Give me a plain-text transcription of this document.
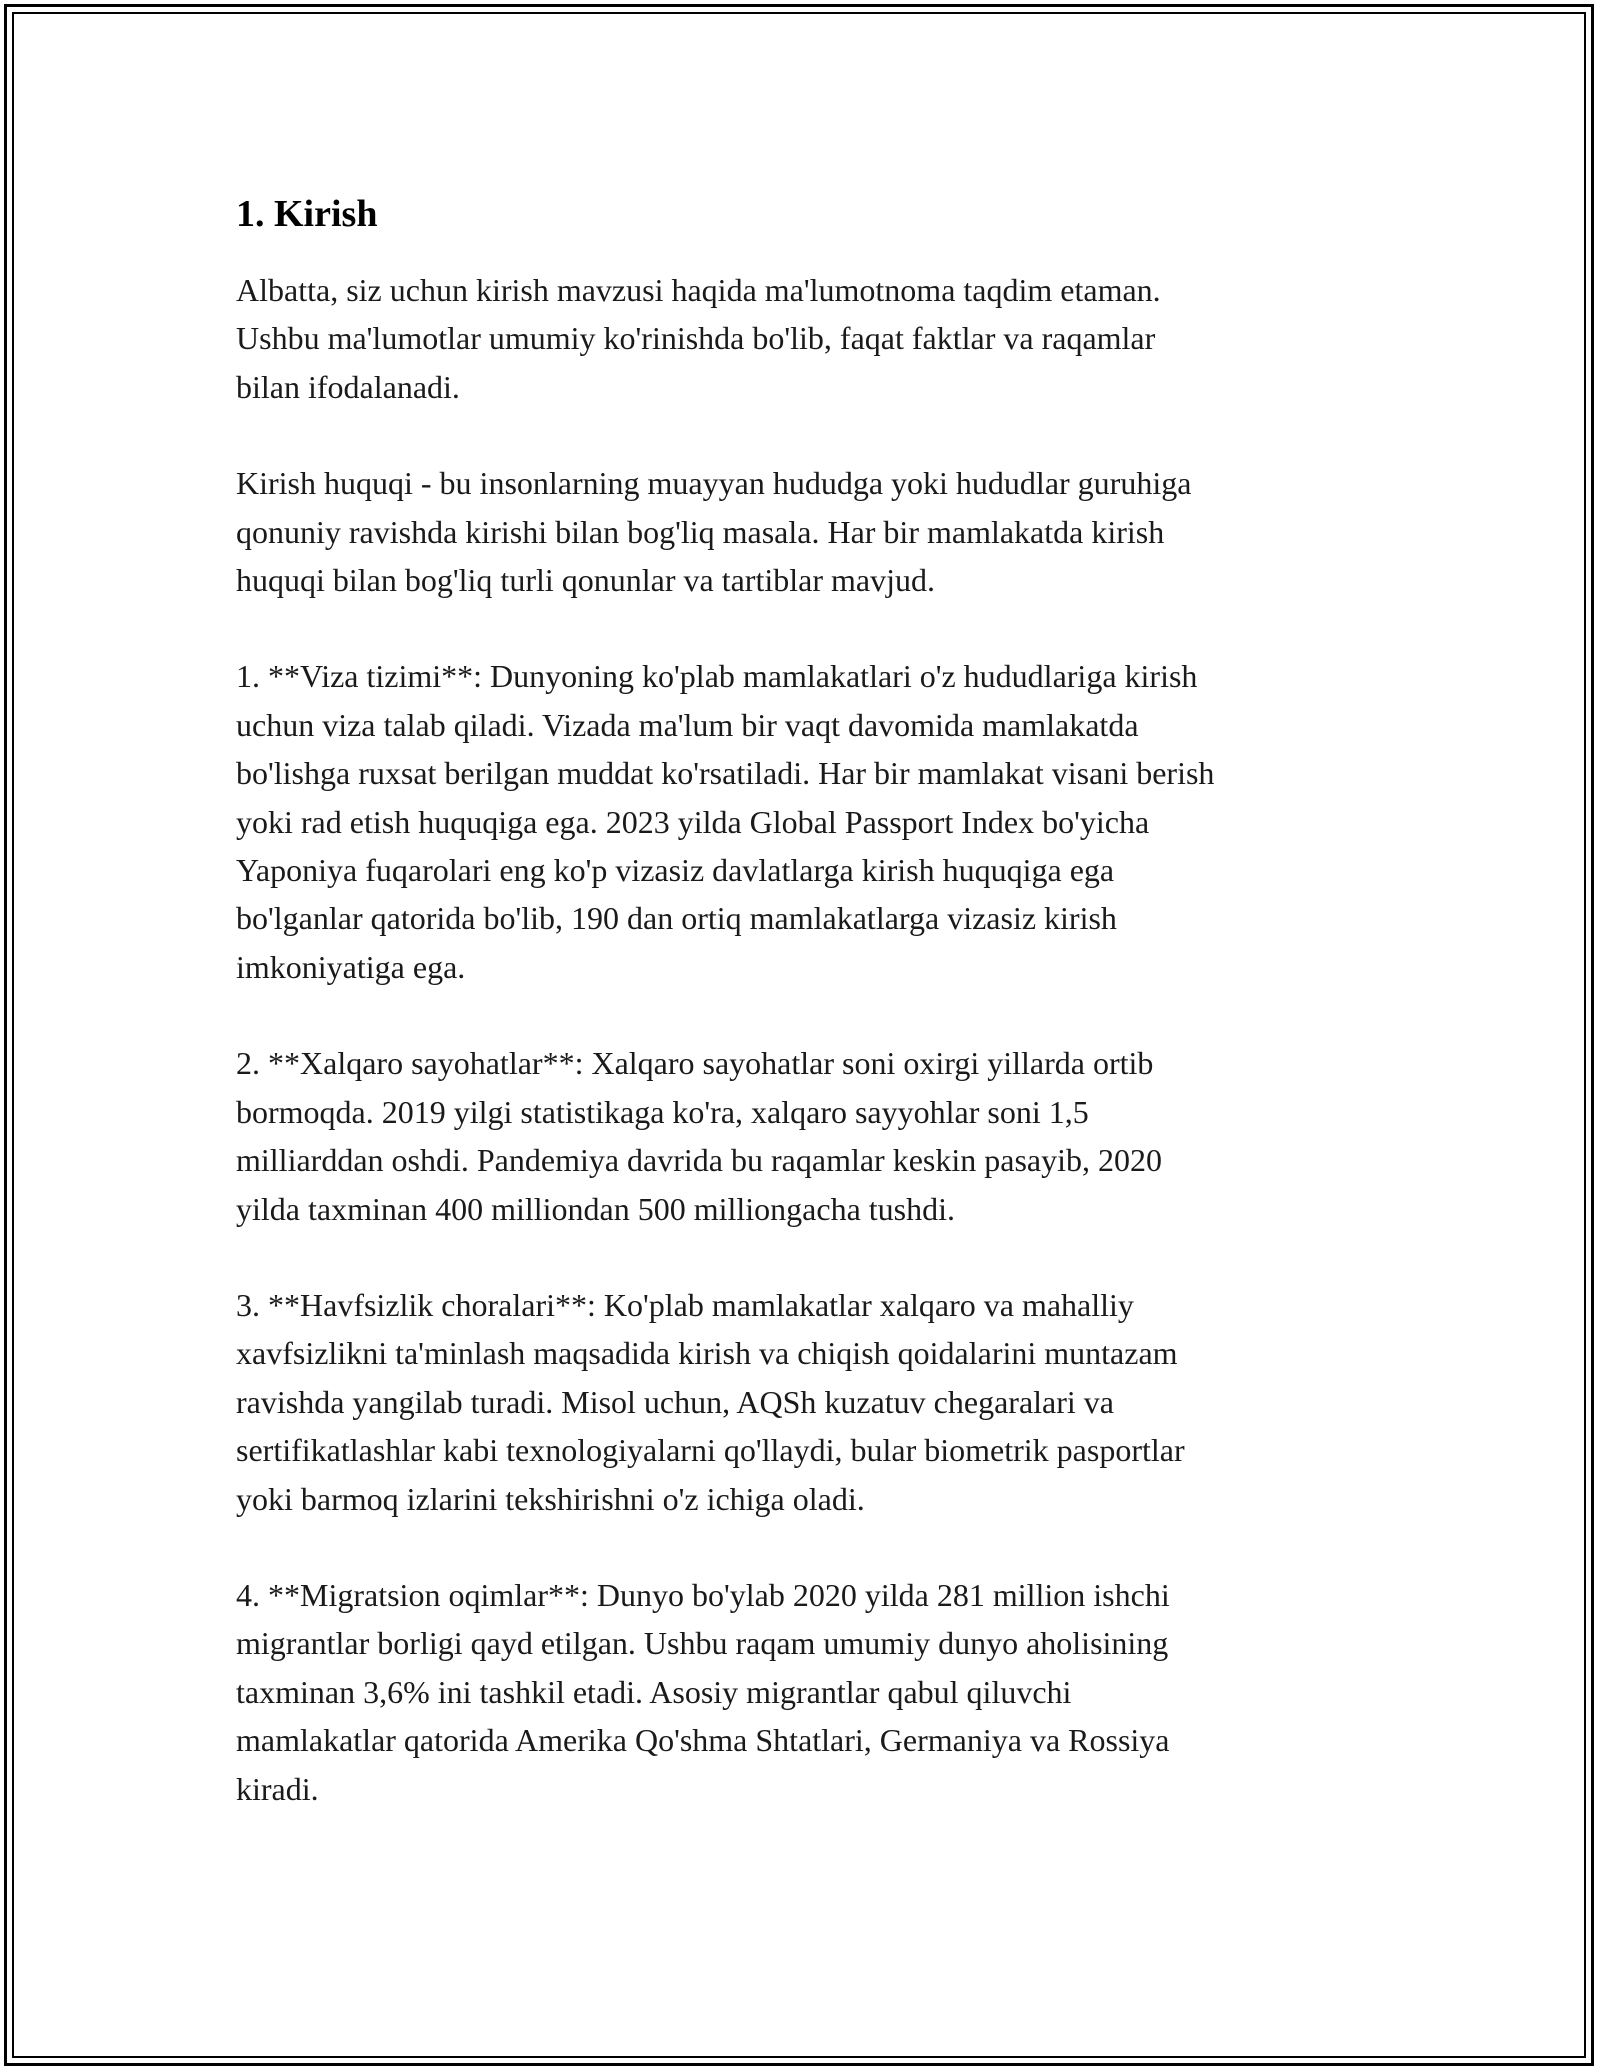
1. Kirish

Albatta, siz uchun kirish mavzusi haqida ma'lumotnoma taqdim etaman.
Ushbu ma'lumotlar umumiy ko'rinishda bo'lib, faqat faktlar va raqamlar
bilan ifodalanadi.

Kirish huquqi - bu insonlarning muayyan hududga yoki hududlar guruhiga
qonuniy ravishda kirishi bilan bog'liq masala. Har bir mamlakatda kirish
huquqi bilan bog'liq turli qonunlar va tartiblar mavjud.

1. **Viza tizimi**: Dunyoning ko'plab mamlakatlari o'z hududlariga kirish
uchun viza talab qiladi. Vizada ma'lum bir vaqt davomida mamlakatda
bo'lishga ruxsat berilgan muddat ko'rsatiladi. Har bir mamlakat visani berish
yoki rad etish huquqiga ega. 2023 yilda Global Passport Index bo'yicha
Yaponiya fuqarolari eng ko'p vizasiz davlatlarga kirish huquqiga ega
bo'lganlar qatorida bo'lib, 190 dan ortiq mamlakatlarga vizasiz kirish
imkoniyatiga ega.

2. **Xalqaro sayohatlar**: Xalqaro sayohatlar soni oxirgi yillarda ortib
bormoqda. 2019 yilgi statistikaga ko'ra, xalqaro sayyohlar soni 1,5
milliarddan oshdi. Pandemiya davrida bu raqamlar keskin pasayib, 2020
yilda taxminan 400 milliondan 500 milliongacha tushdi.

3. **Havfsizlik choralari**: Ko'plab mamlakatlar xalqaro va mahalliy
xavfsizlikni ta'minlash maqsadida kirish va chiqish qoidalarini muntazam
ravishda yangilab turadi. Misol uchun, AQSh kuzatuv chegaralari va
sertifikatlashlar kabi texnologiyalarni qo'llaydi, bular biometrik pasportlar
yoki barmoq izlarini tekshirishni o'z ichiga oladi.

4. **Migratsion oqimlar**: Dunyo bo'ylab 2020 yilda 281 million ishchi
migrantlar borligi qayd etilgan. Ushbu raqam umumiy dunyo aholisining
taxminan 3,6% ini tashkil etadi. Asosiy migrantlar qabul qiluvchi
mamlakatlar qatorida Amerika Qo'shma Shtatlari, Germaniya va Rossiya
kiradi.
